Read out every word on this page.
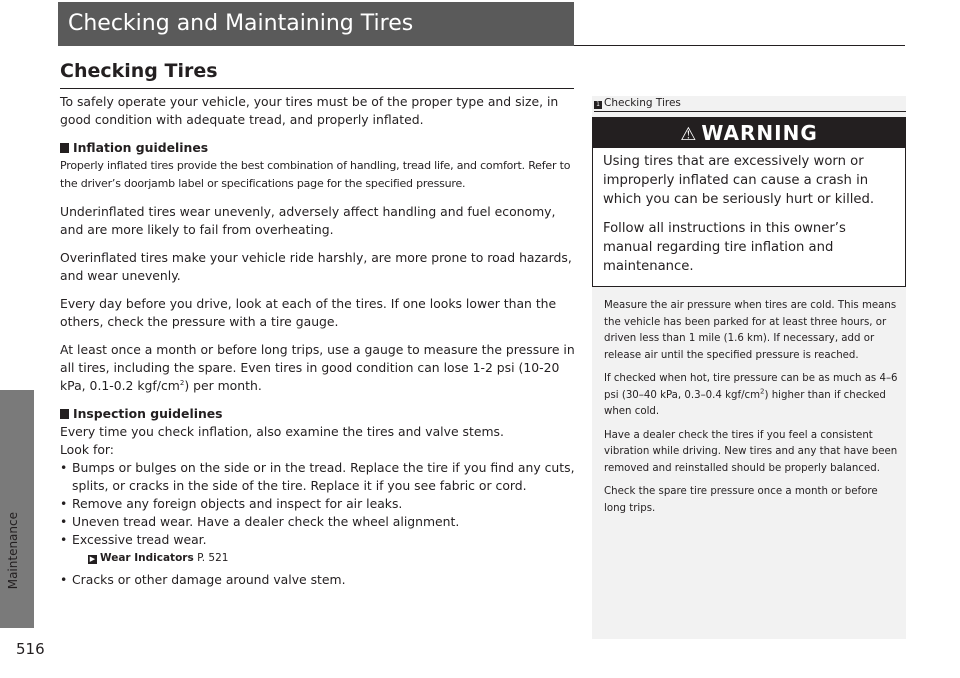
Maintenance
516
Checking and Maintaining Tires
Checking Tires

To safely operate your vehicle, your tires must be of the proper type and size, in good condition with adequate tread, and properly inflated.

Inflation guidelines

Properly inflated tires provide the best combination of handling, tread life, and comfort. Refer to the driver’s doorjamb label or specifications page for the specified pressure.

Underinflated tires wear unevenly, adversely affect handling and fuel economy, and are more likely to fail from overheating.

Overinflated tires make your vehicle ride harshly, are more prone to road hazards, and wear unevenly.

Every day before you drive, look at each of the tires. If one looks lower than the others, check the pressure with a tire gauge.

At least once a month or before long trips, use a gauge to measure the pressure in all tires, including the spare. Even tires in good condition can lose 1-2 psi (10-20 kPa, 0.1-0.2 kgf/$cm^2$) per month.

Inspection guidelines

Every time you check inflation, also examine the tires and valve stems.

Look for:

• Bumps or bulges on the side or in the tread. Replace the tire if you find any cuts, splits, or cracks in the side of the tire. Replace it if you see fabric or cord.
• Remove any foreign objects and inspect for air leaks.
• Uneven tread wear. Have a dealer check the wheel alignment.
• Excessive tread wear.
▶ Wear Indicators P. 521
• Cracks or other damage around valve stem.
1 Checking Tires
⚠ WARNING

Using tires that are excessively worn or improperly inflated can cause a crash in which you can be seriously hurt or killed.

Follow all instructions in this owner’s manual regarding tire inflation and maintenance.

Measure the air pressure when tires are cold. This means the vehicle has been parked for at least three hours, or driven less than 1 mile (1.6 km). If necessary, add or release air until the specified pressure is reached.

If checked when hot, tire pressure can be as much as 4–6 psi (30–40 kPa, 0.3–0.4 kgf/$cm^2$) higher than if checked when cold.

Have a dealer check the tires if you feel a consistent vibration while driving. New tires and any that have been removed and reinstalled should be properly balanced.

Check the spare tire pressure once a month or before long trips.
